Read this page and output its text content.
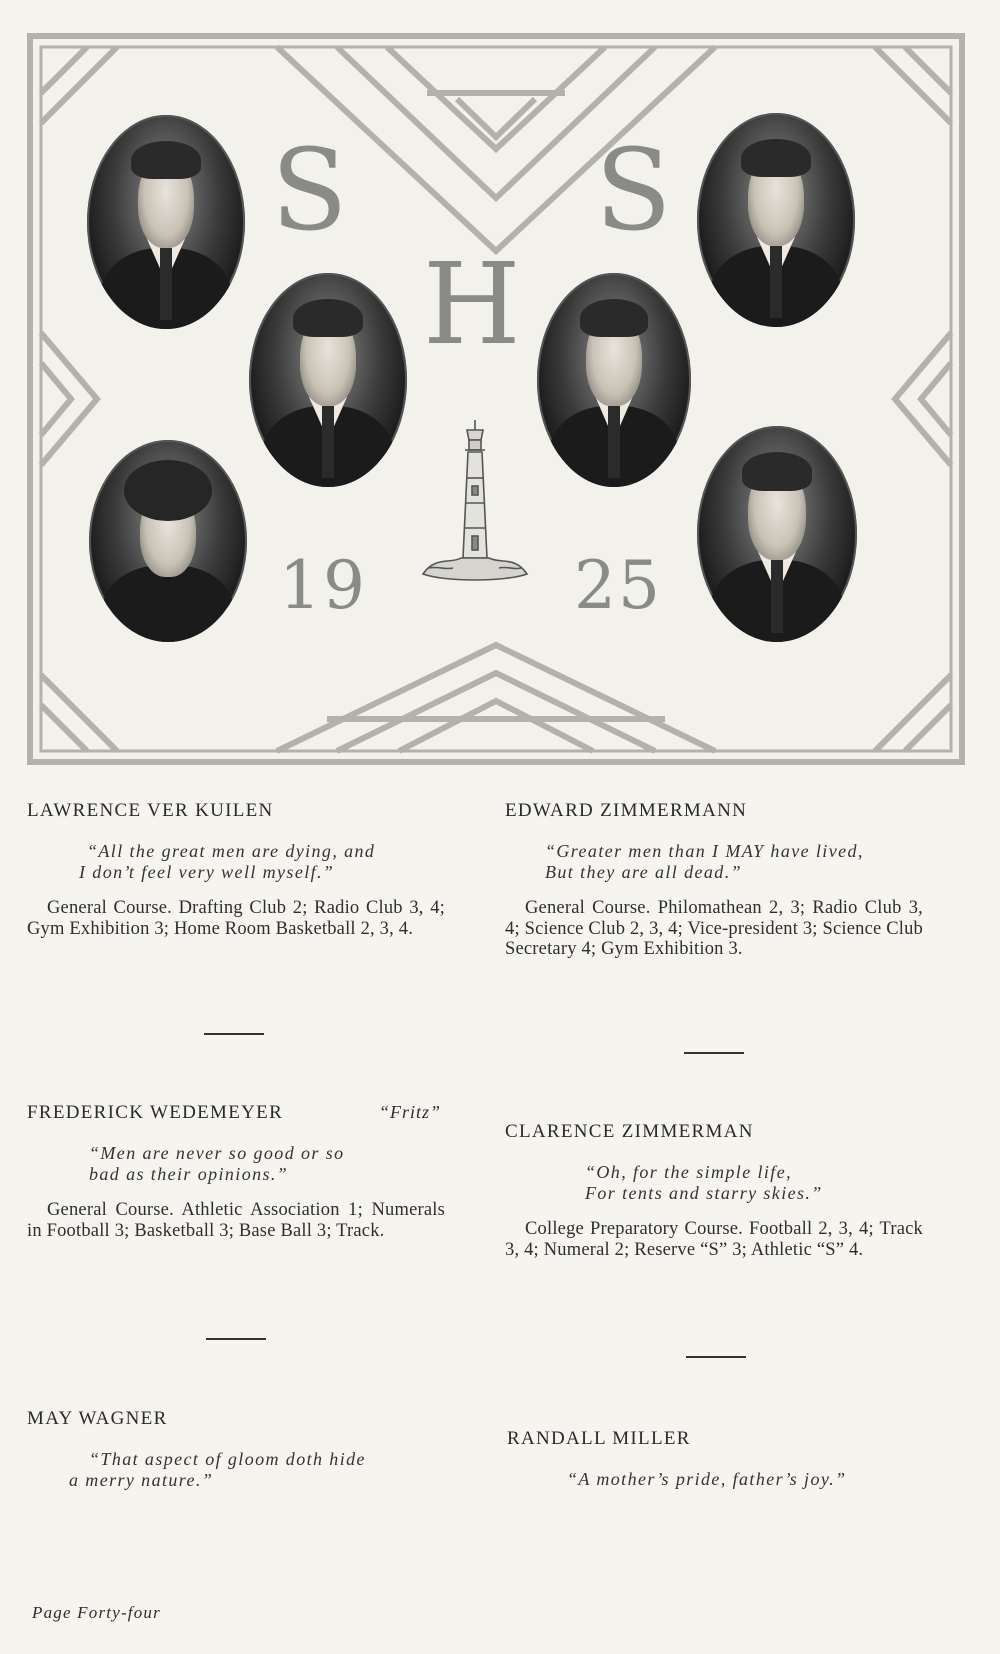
S
H
S
19	25
LAWRENCE VER KUILEN
“All the great men are dying, and
I don’t feel very well myself.”
General Course. Drafting Club 2; Radio Club 3, 4; Gym Exhibition 3; Home Room Basketball 2, 3, 4.
EDWARD ZIMMERMANN
“Greater men than I MAY have lived,
But they are all dead.”
General Course. Philomathean 2, 3; Radio Club 3, 4; Science Club 2, 3, 4; Vice-president 3; Science Club Secretary 4; Gym Exhibition 3.
FREDERICK WEDEMEYER	“Fritz”
“Men are never so good or so
bad as their opinions.”
General Course. Athletic Association 1; Numerals in Football 3; Basketball 3; Base Ball 3; Track.
CLARENCE ZIMMERMAN
“Oh, for the simple life,
For tents and starry skies.”
College Preparatory Course. Football 2, 3, 4; Track 3, 4; Numeral 2; Reserve “S” 3; Athletic “S” 4.
MAY WAGNER
“That aspect of gloom doth hide
a merry nature.”
RANDALL MILLER
“A mother’s pride, father’s joy.”
Page Forty-four
